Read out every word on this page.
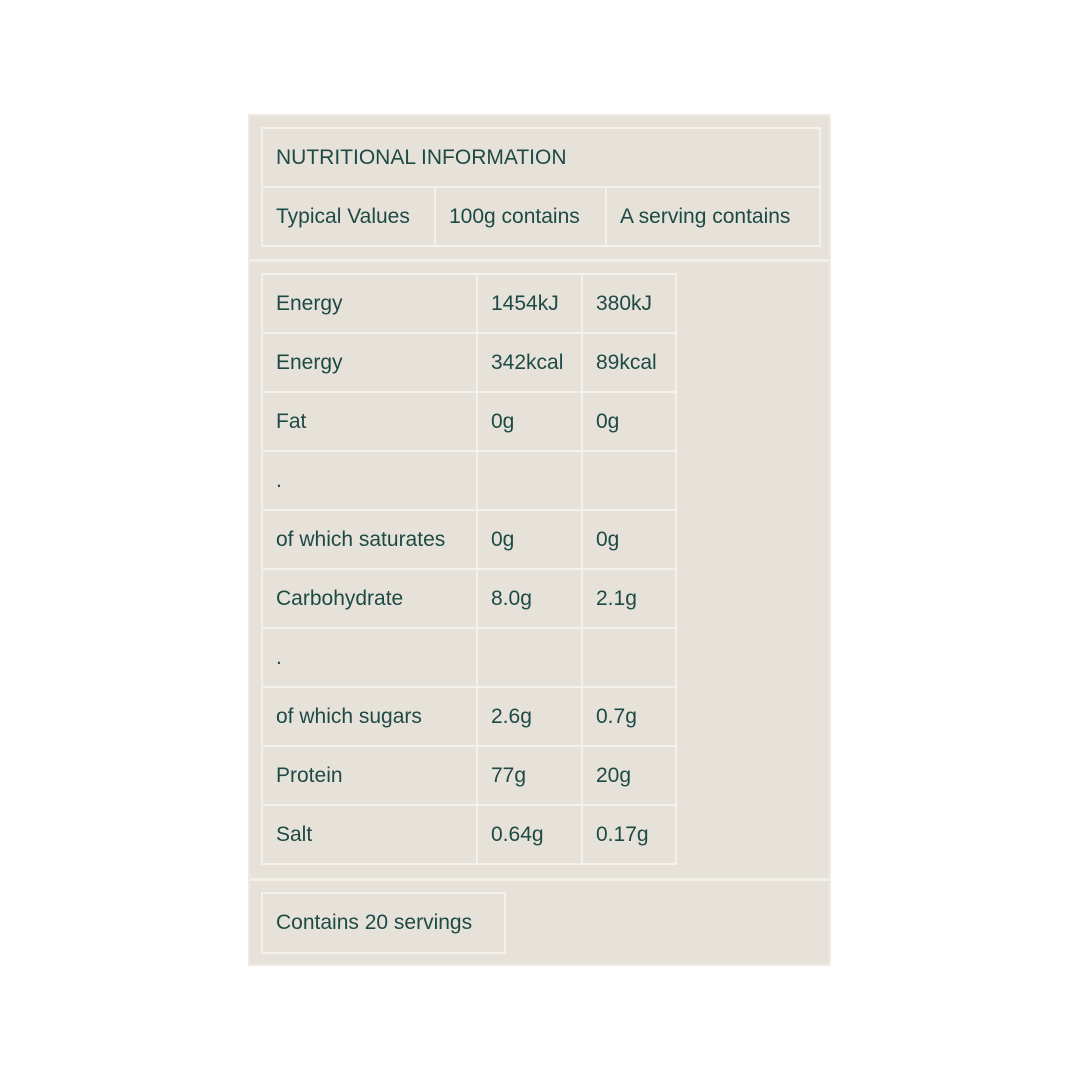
NUTRITIONAL INFORMATION
Typical Values	100g contains	A serving contains
Energy	1454kJ	380kJ
Energy	342kcal	89kcal
Fat	0g	0g
.		
of which saturates	0g	0g
Carbohydrate	8.0g	2.1g
.		
of which sugars	2.6g	0.7g
Protein	77g	20g
Salt	0.64g	0.17g
Contains 20 servings
